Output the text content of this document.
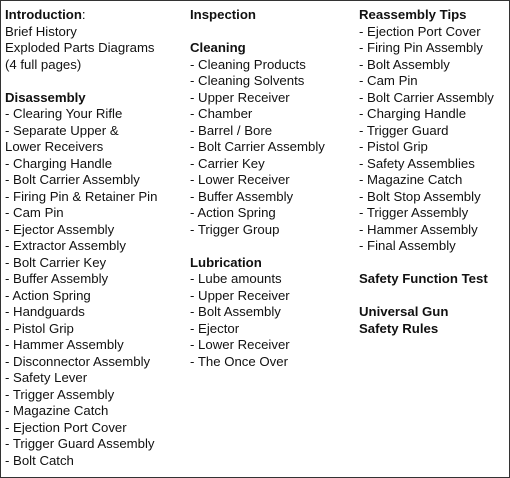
Introduction:
Brief History
Exploded Parts Diagrams
(4 full pages)
Disassembly
- Clearing Your Rifle
- Separate Upper &
Lower Receivers
- Charging Handle
- Bolt Carrier Assembly
- Firing Pin & Retainer Pin
- Cam Pin
- Ejector Assembly
- Extractor Assembly
- Bolt Carrier Key
- Buffer Assembly
- Action Spring
- Handguards
- Pistol Grip
- Hammer Assembly
- Disconnector Assembly
- Safety Lever
- Trigger Assembly
- Magazine Catch
- Ejection Port Cover
- Trigger Guard Assembly
- Bolt Catch
Inspection
Cleaning
- Cleaning Products
- Cleaning Solvents
- Upper Receiver
- Chamber
- Barrel / Bore
- Bolt Carrier Assembly
- Carrier Key
- Lower Receiver
- Buffer Assembly
- Action Spring
- Trigger Group
Lubrication
- Lube amounts
- Upper Receiver
- Bolt Assembly
- Ejector
- Lower Receiver
- The Once Over
Reassembly Tips
- Ejection Port Cover
- Firing Pin Assembly
- Bolt Assembly
- Cam Pin
- Bolt Carrier Assembly
- Charging Handle
- Trigger Guard
- Pistol Grip
- Safety Assemblies
- Magazine Catch
- Bolt Stop Assembly
- Trigger Assembly
- Hammer Assembly
- Final Assembly
Safety Function Test
Universal Gun
Safety Rules
